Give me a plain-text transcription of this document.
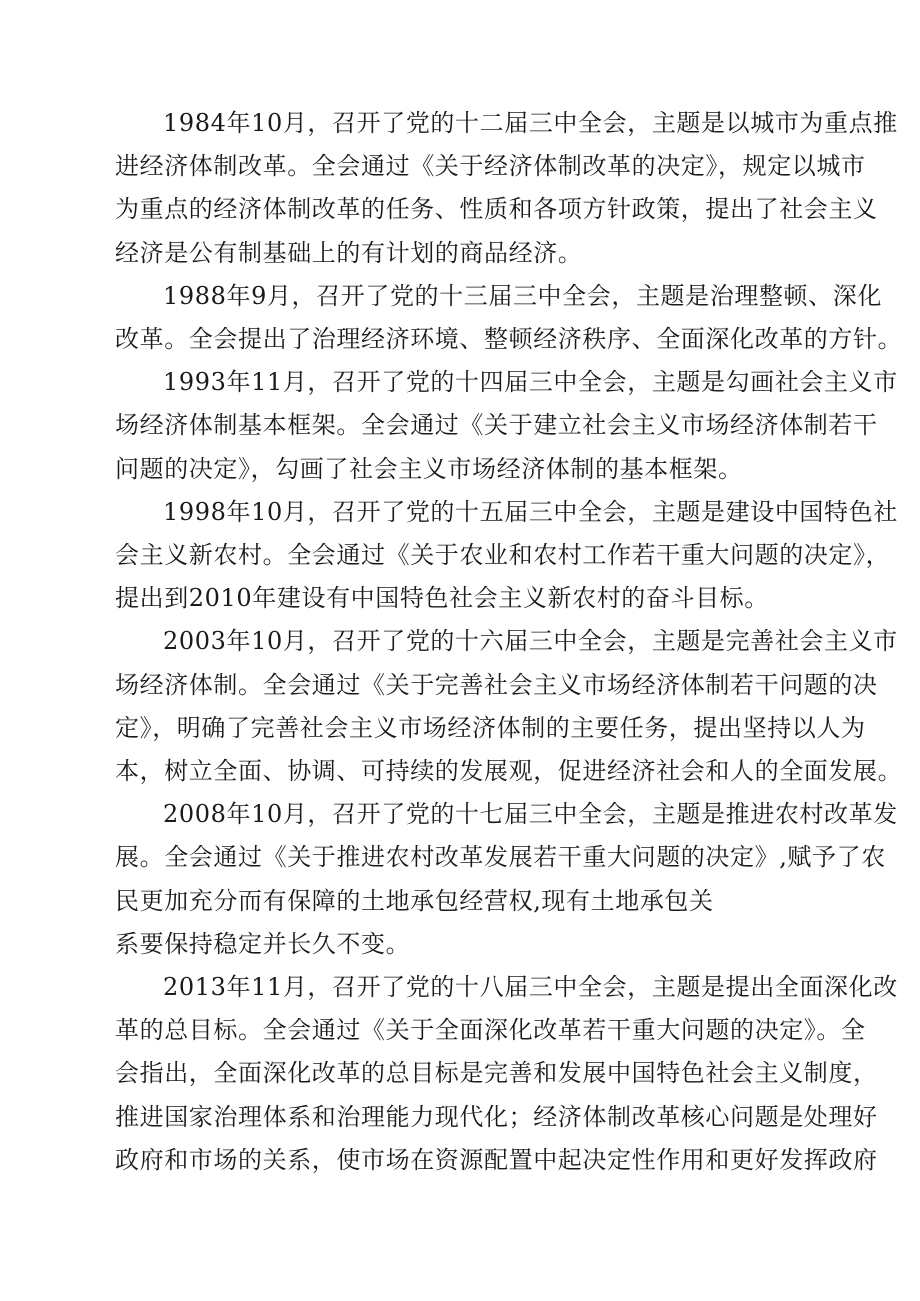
1984年10月，召开了党的十二届三中全会，主题是以城市为重点推
进经济体制改革。全会通过《关于经济体制改革的决定》，规定以城市
为重点的经济体制改革的任务、性质和各项方针政策，提出了社会主义
经济是公有制基础上的有计划的商品经济。
1988年9月，召开了党的十三届三中全会，主题是治理整顿、深化
改革。全会提出了治理经济环境、整顿经济秩序、全面深化改革的方针。
1993年11月，召开了党的十四届三中全会，主题是勾画社会主义市
场经济体制基本框架。全会通过《关于建立社会主义市场经济体制若干
问题的决定》，勾画了社会主义市场经济体制的基本框架。
1998年10月，召开了党的十五届三中全会，主题是建设中国特色社
会主义新农村。全会通过《关于农业和农村工作若干重大问题的决定》，
提出到2010年建设有中国特色社会主义新农村的奋斗目标。
2003年10月，召开了党的十六届三中全会，主题是完善社会主义市
场经济体制。全会通过《关于完善社会主义市场经济体制若干问题的决
定》，明确了完善社会主义市场经济体制的主要任务，提出坚持以人为
本，树立全面、协调、可持续的发展观，促进经济社会和人的全面发展。
2008年10月，召开了党的十七届三中全会，主题是推进农村改革发
展。全会通过《关于推进农村改革发展若干重大问题的决定》,赋予了农
民更加充分而有保障的土地承包经营权,现有土地承包关
系要保持稳定并长久不变。
2013年11月，召开了党的十八届三中全会，主题是提出全面深化改
革的总目标。全会通过《关于全面深化改革若干重大问题的决定》。全
会指出，全面深化改革的总目标是完善和发展中国特色社会主义制度，
推进国家治理体系和治理能力现代化；经济体制改革核心问题是处理好
政府和市场的关系，使市场在资源配置中起决定性作用和更好发挥政府
